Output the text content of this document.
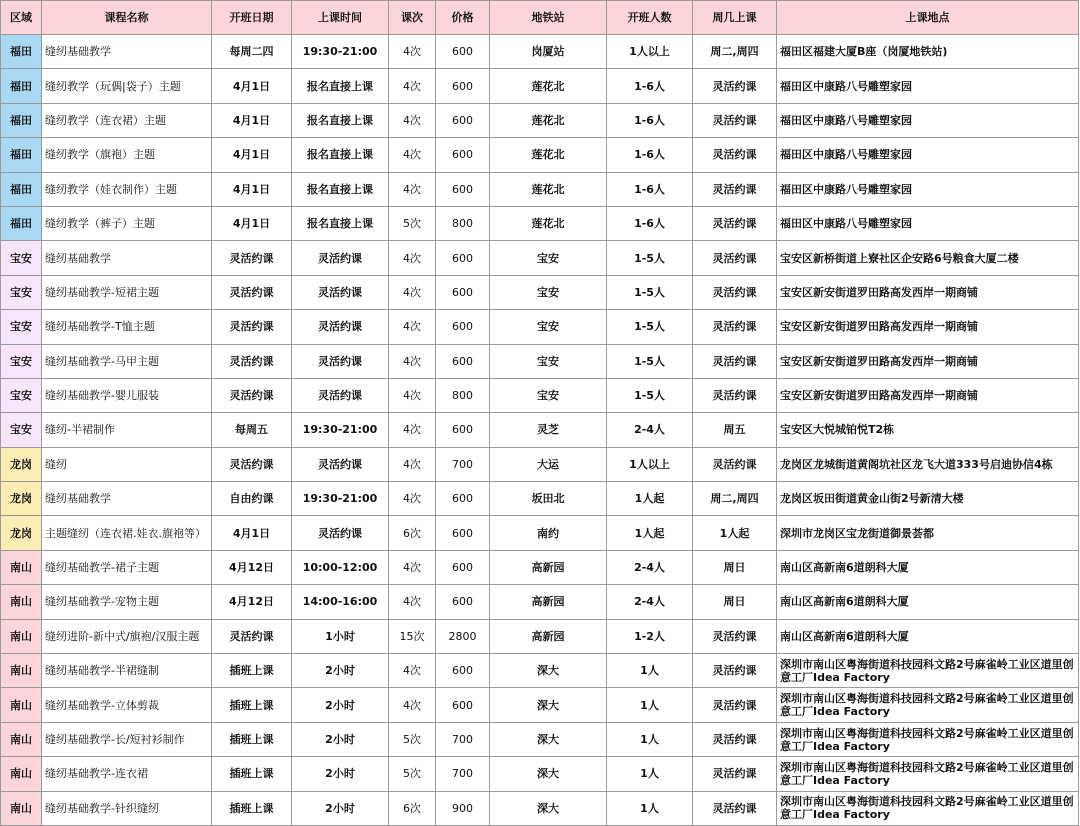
区域	课程名称	开班日期	上课时间	课次	价格	地铁站	开班人数	周几上课	上课地点
福田	缝纫基础教学	每周二四	19:30-21:00	4次	600	岗厦站	1人以上	周二,周四	福田区福建大厦B座（岗厦地铁站)
福田	缝纫教学（玩偶|袋子）主题	4月1日	报名直接上课	4次	600	莲花北	1-6人	灵活约课	福田区中康路八号雕塑家园
福田	缝纫教学（连衣裙）主题	4月1日	报名直接上课	4次	600	莲花北	1-6人	灵活约课	福田区中康路八号雕塑家园
福田	缝纫教学（旗袍）主题	4月1日	报名直接上课	4次	600	莲花北	1-6人	灵活约课	福田区中康路八号雕塑家园
福田	缝纫教学（娃衣制作）主题	4月1日	报名直接上课	4次	600	莲花北	1-6人	灵活约课	福田区中康路八号雕塑家园
福田	缝纫教学（裤子）主题	4月1日	报名直接上课	5次	800	莲花北	1-6人	灵活约课	福田区中康路八号雕塑家园
宝安	缝纫基础教学	灵活约课	灵活约课	4次	600	宝安	1-5人	灵活约课	宝安区新桥街道上寮社区企安路6号粮食大厦二楼
宝安	缝纫基础教学-短裙主题	灵活约课	灵活约课	4次	600	宝安	1-5人	灵活约课	宝安区新安街道罗田路高发西岸一期商铺
宝安	缝纫基础教学-T恤主题	灵活约课	灵活约课	4次	600	宝安	1-5人	灵活约课	宝安区新安街道罗田路高发西岸一期商铺
宝安	缝纫基础教学-马甲主题	灵活约课	灵活约课	4次	600	宝安	1-5人	灵活约课	宝安区新安街道罗田路高发西岸一期商铺
宝安	缝纫基础教学-婴儿服装	灵活约课	灵活约课	4次	800	宝安	1-5人	灵活约课	宝安区新安街道罗田路高发西岸一期商铺
宝安	缝纫-半裙制作	每周五	19:30-21:00	4次	600	灵芝	2-4人	周五	宝安区大悦城铂悦T2栋
龙岗	缝纫	灵活约课	灵活约课	4次	700	大运	1人以上	灵活约课	龙岗区龙城街道黄阁坑社区龙飞大道333号启迪协信4栋
龙岗	缝纫基础教学	自由约课	19:30-21:00	4次	600	坂田北	1人起	周二,周四	龙岗区坂田街道黄金山街2号新清大楼
龙岗	主题缝纫（连衣裙.娃衣.旗袍等）	4月1日	灵活约课	6次	600	南约	1人起	1人起	深圳市龙岗区宝龙街道御景荟都
南山	缝纫基础教学-裙子主题	4月12日	10:00-12:00	4次	600	高新园	2-4人	周日	南山区高新南6道朗科大厦
南山	缝纫基础教学-宠物主题	4月12日	14:00-16:00	4次	600	高新园	2-4人	周日	南山区高新南6道朗科大厦
南山	缝纫进阶-新中式/旗袍/汉服主题	灵活约课	1小时	15次	2800	高新园	1-2人	灵活约课	南山区高新南6道朗科大厦
南山	缝纫基础教学-半裙缝制	插班上课	2小时	4次	600	深大	1人	灵活约课	深圳市南山区粤海街道科技园科文路2号麻雀岭工业区道里创意工厂Idea Factory
南山	缝纫基础教学-立体剪裁	插班上课	2小时	4次	600	深大	1人	灵活约课	深圳市南山区粤海街道科技园科文路2号麻雀岭工业区道里创意工厂Idea Factory
南山	缝纫基础教学-长/短衬衫制作	插班上课	2小时	5次	700	深大	1人	灵活约课	深圳市南山区粤海街道科技园科文路2号麻雀岭工业区道里创意工厂Idea Factory
南山	缝纫基础教学-连衣裙	插班上课	2小时	5次	700	深大	1人	灵活约课	深圳市南山区粤海街道科技园科文路2号麻雀岭工业区道里创意工厂Idea Factory
南山	缝纫基础教学-针织缝纫	插班上课	2小时	6次	900	深大	1人	灵活约课	深圳市南山区粤海街道科技园科文路2号麻雀岭工业区道里创意工厂Idea Factory
